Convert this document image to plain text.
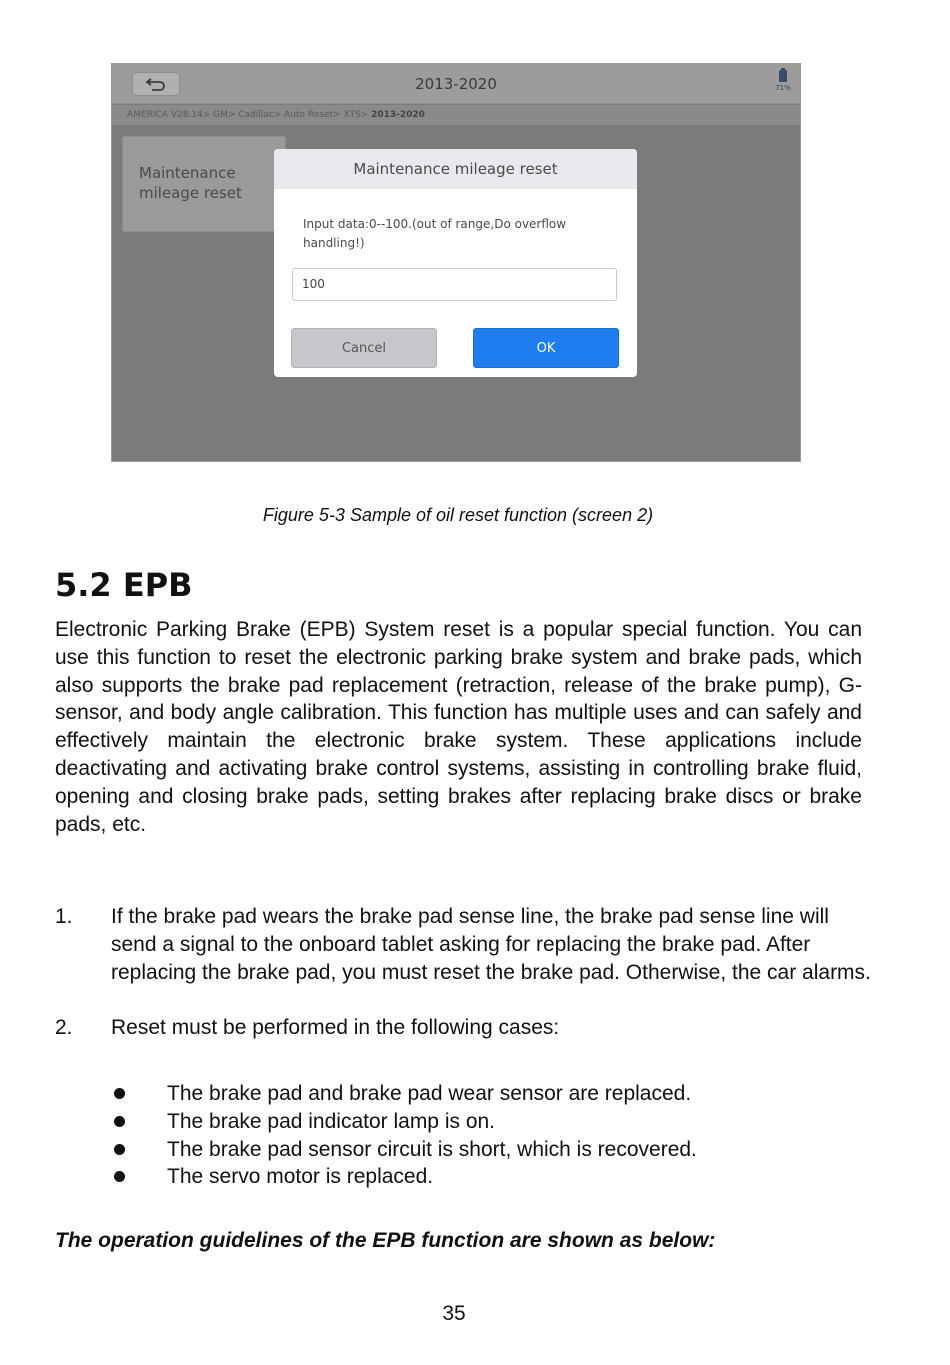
2013-2020	71%
AMERICA V28.14> GM> Cadillac> Auto Reset> XTS> 2013-2020
Maintenance
mileage reset
Maintenance mileage reset
Input data:0--100.(out of range,Do overflow handling!)
100
Cancel	OK
Figure 5-3 Sample of oil reset function (screen 2)
5.2 EPB
Electronic Parking Brake (EPB) System reset is a popular special function. You can use this function to reset the electronic parking brake system and brake pads, which also supports the brake pad replacement (retraction, release of the brake pump), G-sensor, and body angle calibration. This function has multiple uses and can safely and effectively maintain the electronic brake system. These applications include deactivating and activating brake control systems, assisting in controlling brake fluid, opening and closing brake pads, setting brakes after replacing brake discs or brake pads, etc.
1. If the brake pad wears the brake pad sense line, the brake pad sense line will send a signal to the onboard tablet asking for replacing the brake pad. After replacing the brake pad, you must reset the brake pad. Otherwise, the car alarms.
2. Reset must be performed in the following cases:
The brake pad and brake pad wear sensor are replaced.
The brake pad indicator lamp is on.
The brake pad sensor circuit is short, which is recovered.
The servo motor is replaced.
The operation guidelines of the EPB function are shown as below:
35
